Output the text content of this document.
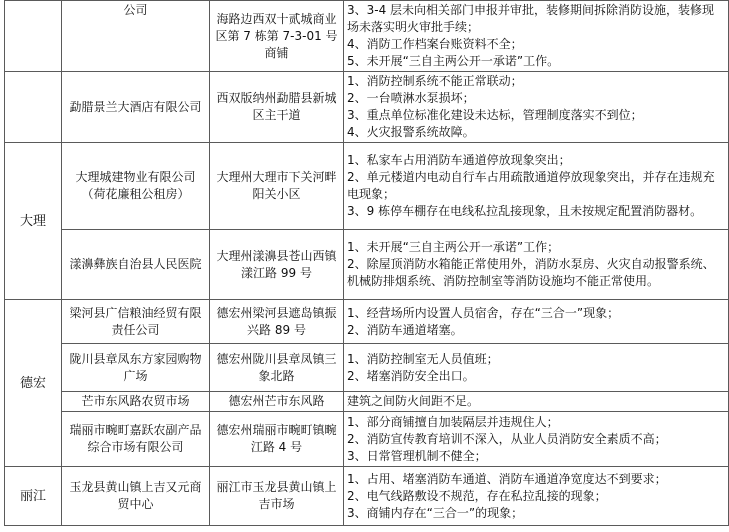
	公司	海路边西双十贰城商业区第 7 栋第 7-3-01 号商铺	3、3-4 层未向相关部门申报并审批，装修期间拆除消防设施，装修现场未落实明火审批手续；
4、消防工作档案台账资料不全；
5、未开展“三自主两公开一承诺”工作。

	勐腊景兰大酒店有限公司	西双版纳州勐腊县新城区主干道	1、消防控制系统不能正常联动；
2、一台喷淋水泵损坏；
3、重点单位标准化建设未达标，管理制度落实不到位；
4、火灾报警系统故障。

大理	大理城建物业有限公司（荷花廉租公租房）	大理州大理市下关河畔阳关小区	1、私家车占用消防车通道停放现象突出；
2、单元楼道内电动自行车占用疏散通道停放现象突出，并存在违规充电现象；
3、9 栋停车棚存在电线私拉乱接现象，且未按规定配置消防器材。

	漾濞彝族自治县人民医院	大理州漾濞县苍山西镇漾江路 99 号	1、未开展“三自主两公开一承诺”工作；
2、除屋顶消防水箱能正常使用外，消防水泵房、火灾自动报警系统、机械防排烟系统、消防控制室等消防设施均不能正常使用。

德宏	梁河县广信粮油经贸有限责任公司	德宏州梁河县遮岛镇振兴路 89 号	1、经营场所内设置人员宿舍，存在“三合一”现象；
2、消防车通道堵塞。

	陇川县章凤东方家园购物广场	德宏州陇川县章凤镇三象北路	1、消防控制室无人员值班；
2、堵塞消防安全出口。

	芒市东风路农贸市场	德宏州芒市东风路	建筑之间防火间距不足。

	瑞丽市畹町嘉跃农副产品综合市场有限公司	德宏州瑞丽市畹町镇畹江路 4 号	1、部分商铺擅自加装隔层并违规住人；
2、消防宣传教育培训不深入，从业人员消防安全素质不高；
3、日常管理机制不健全；

丽江	玉龙县黄山镇上吉又元商贸中心	丽江市玉龙县黄山镇上吉市场	1、占用、堵塞消防车通道、消防车通道净宽度达不到要求；
2、电气线路敷设不规范，存在私拉乱接的现象；
3、商铺内存在“三合一”的现象；
